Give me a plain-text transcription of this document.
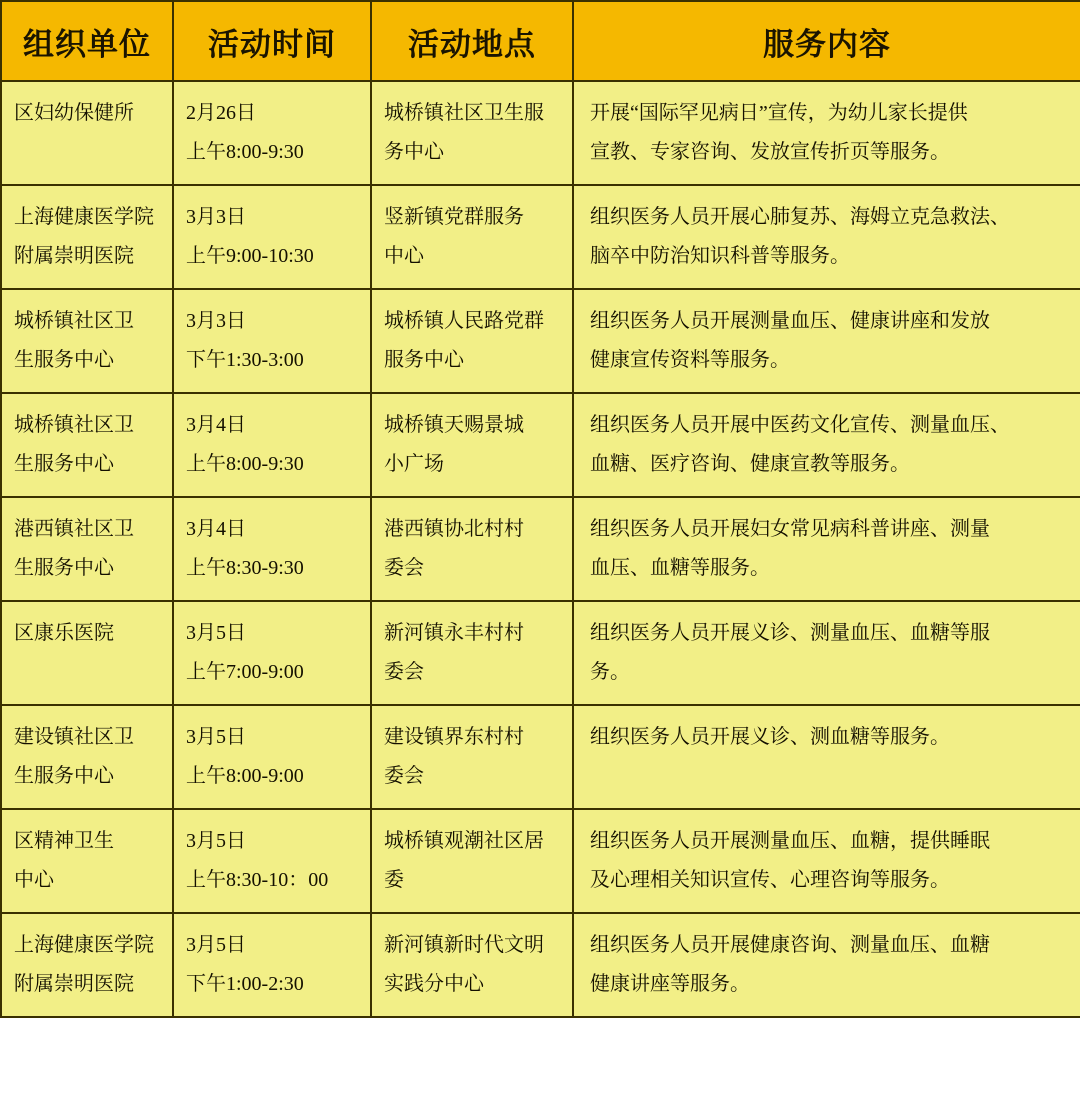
组织单位	活动时间	活动地点	服务内容

区妇幼保健所	2月26日
上午8:00-9:30	城桥镇社区卫生服
务中心	开展“国际罕见病日”宣传，为幼儿家长提供
宣教、专家咨询、发放宣传折页等服务。

上海健康医学院
附属崇明医院	3月3日
上午9:00-10:30	竖新镇党群服务
中心	组织医务人员开展心肺复苏、海姆立克急救法、
脑卒中防治知识科普等服务。

城桥镇社区卫
生服务中心	3月3日
下午1:30-3:00	城桥镇人民路党群
服务中心	组织医务人员开展测量血压、健康讲座和发放
健康宣传资料等服务。

城桥镇社区卫
生服务中心	3月4日
上午8:00-9:30	城桥镇天赐景城
小广场	组织医务人员开展中医药文化宣传、测量血压、
血糖、医疗咨询、健康宣教等服务。

港西镇社区卫
生服务中心	3月4日
上午8:30-9:30	港西镇协北村村
委会	组织医务人员开展妇女常见病科普讲座、测量
血压、血糖等服务。

区康乐医院	3月5日
上午7:00-9:00	新河镇永丰村村
委会	组织医务人员开展义诊、测量血压、血糖等服
务。

建设镇社区卫
生服务中心	3月5日
上午8:00-9:00	建设镇界东村村
委会	组织医务人员开展义诊、测血糖等服务。

区精神卫生
中心	3月5日
上午8:30-10：00	城桥镇观潮社区居
委	组织医务人员开展测量血压、血糖，提供睡眠
及心理相关知识宣传、心理咨询等服务。

上海健康医学院
附属崇明医院	3月5日
下午1:00-2:30	新河镇新时代文明
实践分中心	组织医务人员开展健康咨询、测量血压、血糖
健康讲座等服务。
